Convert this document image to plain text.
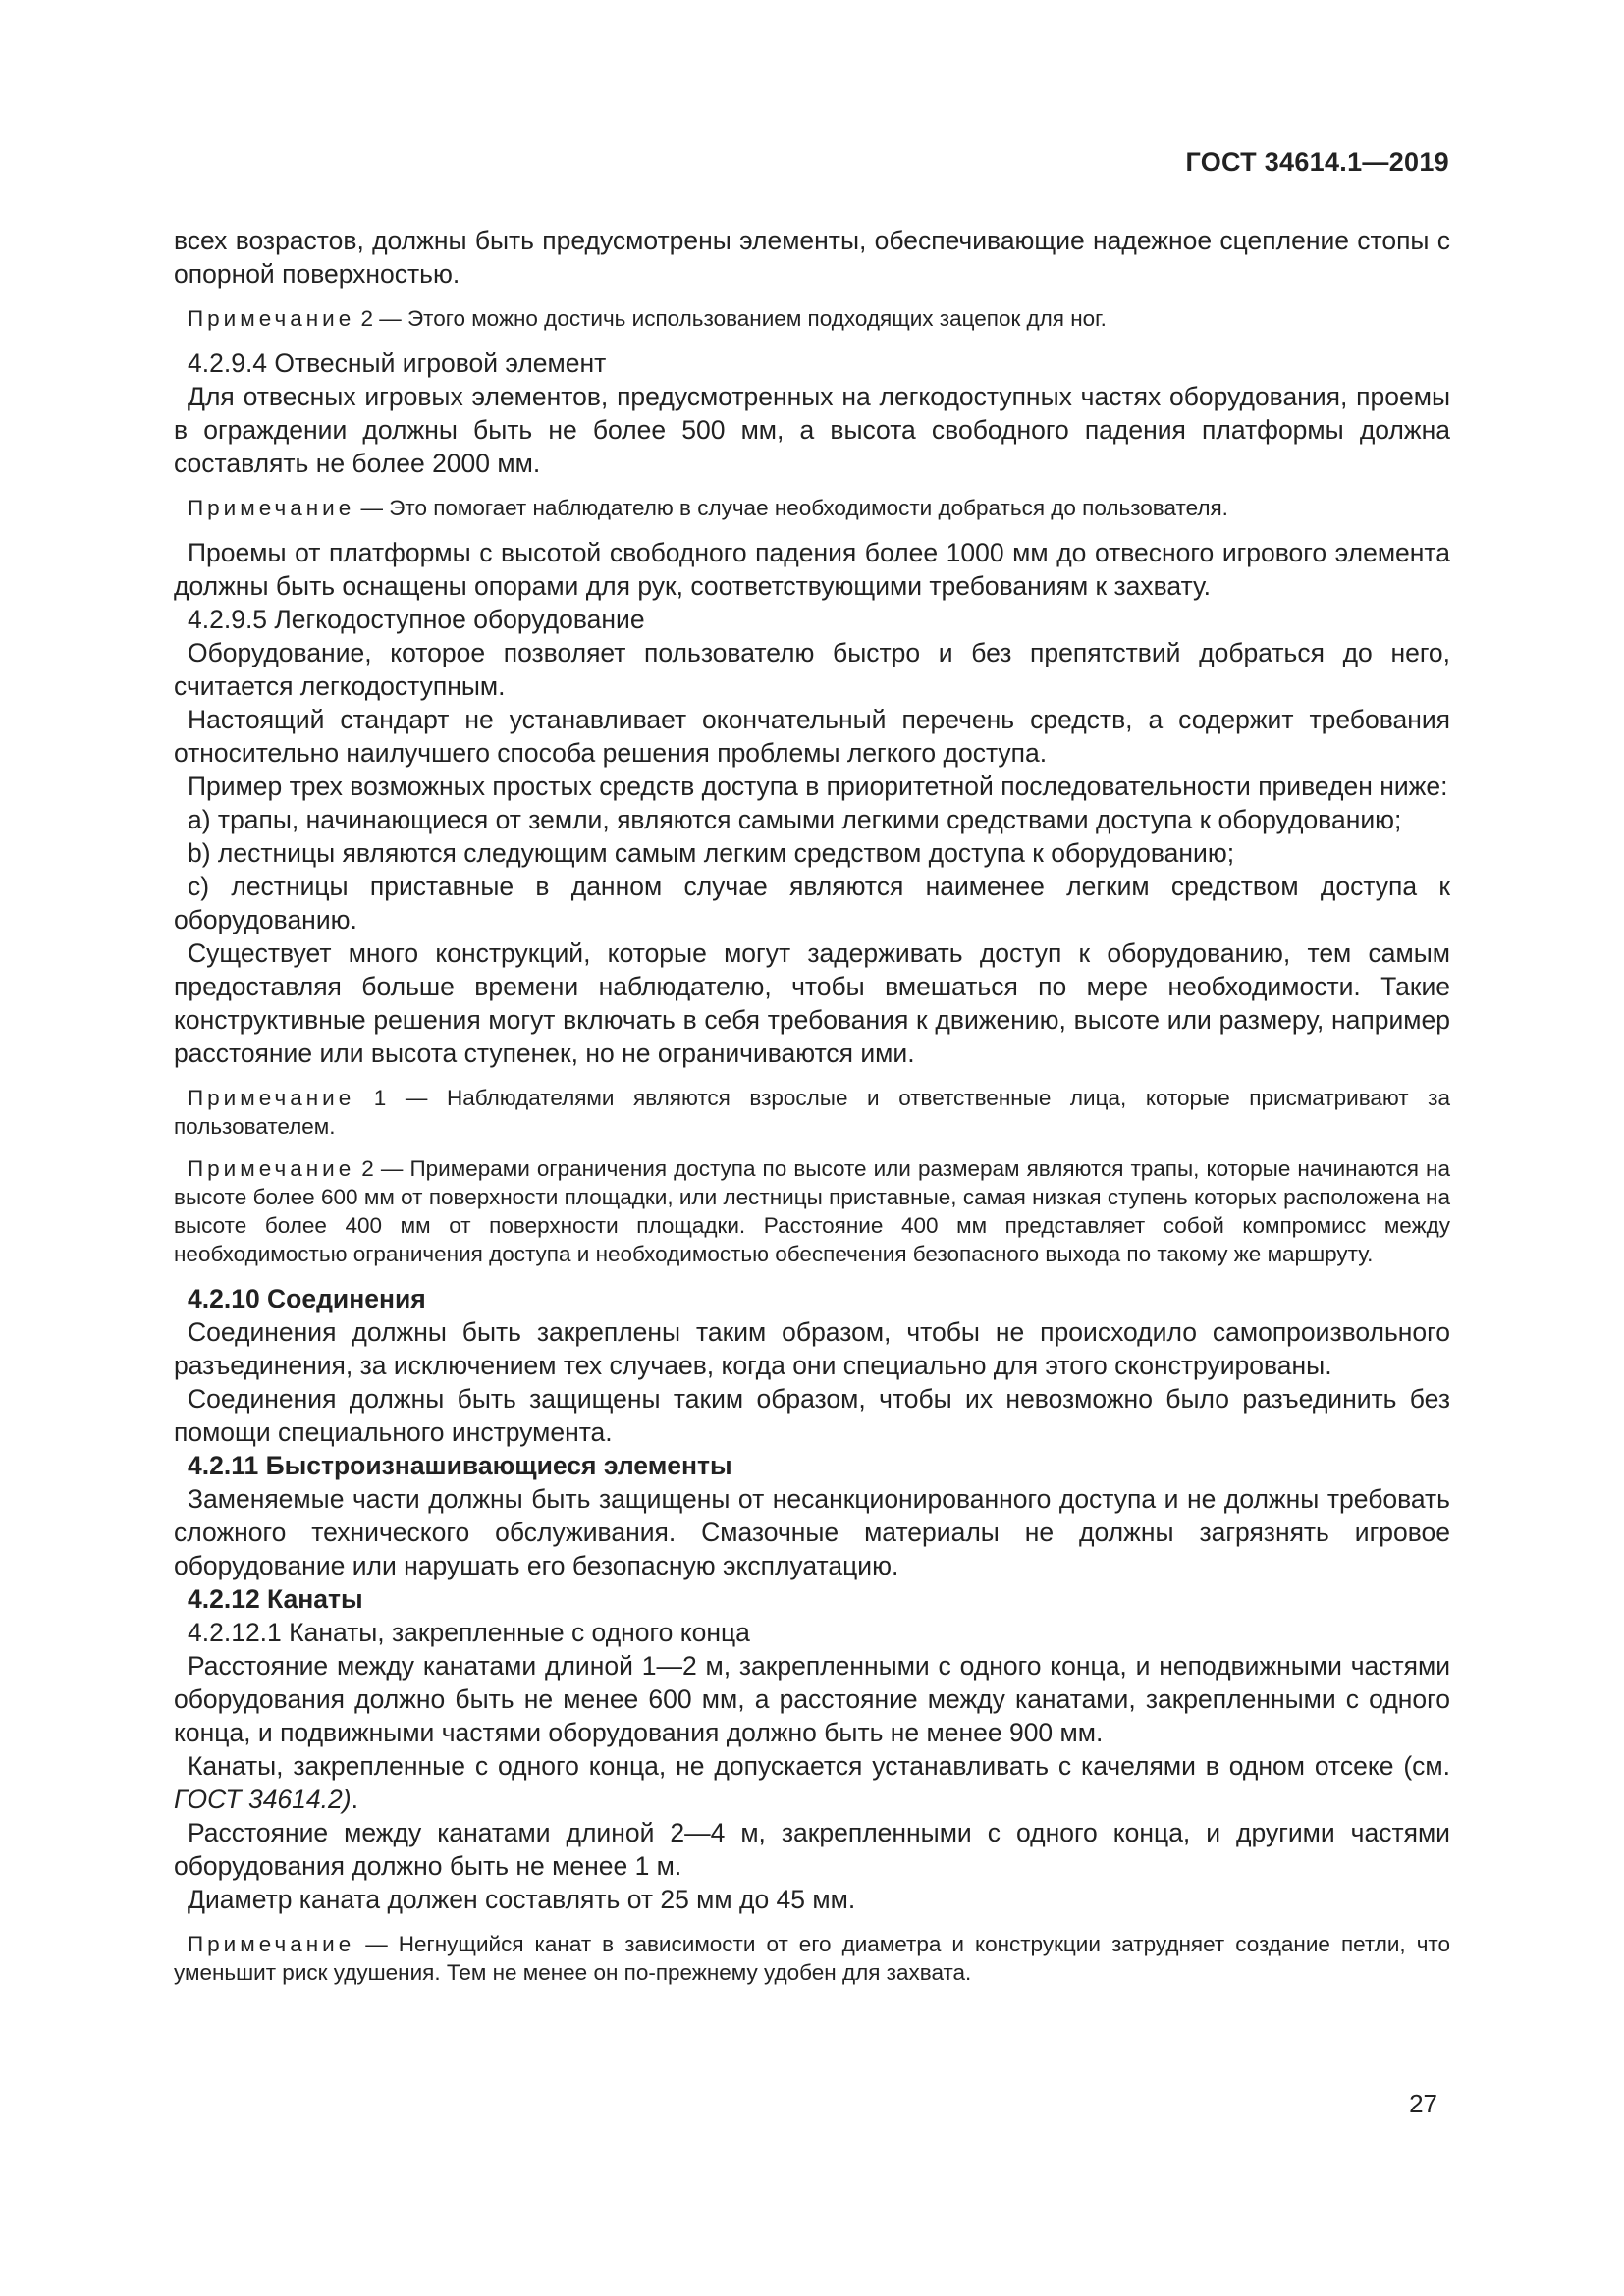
ГОСТ 34614.1—2019

всех возрастов, должны быть предусмотрены элементы, обеспечивающие надежное сцепление стопы с опорной поверхностью.

Примечание 2 — Этого можно достичь использованием подходящих зацепок для ног.

4.2.9.4 Отвесный игровой элемент

Для отвесных игровых элементов, предусмотренных на легкодоступных частях оборудования, проемы в ограждении должны быть не более 500 мм, а высота свободного падения платформы должна составлять не более 2000 мм.

Примечание — Это помогает наблюдателю в случае необходимости добраться до пользователя.

Проемы от платформы с высотой свободного падения более 1000 мм до отвесного игрового элемента должны быть оснащены опорами для рук, соответствующими требованиям к захвату.

4.2.9.5 Легкодоступное оборудование

Оборудование, которое позволяет пользователю быстро и без препятствий добраться до него, считается легкодоступным.

Настоящий стандарт не устанавливает окончательный перечень средств, а содержит требования относительно наилучшего способа решения проблемы легкого доступа.

Пример трех возможных простых средств доступа в приоритетной последовательности приведен ниже:

a) трапы, начинающиеся от земли, являются самыми легкими средствами доступа к оборудованию;

b) лестницы являются следующим самым легким средством доступа к оборудованию;

c) лестницы приставные в данном случае являются наименее легким средством доступа к оборудованию.

Существует много конструкций, которые могут задерживать доступ к оборудованию, тем самым предоставляя больше времени наблюдателю, чтобы вмешаться по мере необходимости. Такие конструктивные решения могут включать в себя требования к движению, высоте или размеру, например расстояние или высота ступенек, но не ограничиваются ими.

Примечание 1 — Наблюдателями являются взрослые и ответственные лица, которые присматривают за пользователем.

Примечание 2 — Примерами ограничения доступа по высоте или размерам являются трапы, которые начинаются на высоте более 600 мм от поверхности площадки, или лестницы приставные, самая низкая ступень которых расположена на высоте более 400 мм от поверхности площадки. Расстояние 400 мм представляет собой компромисс между необходимостью ограничения доступа и необходимостью обеспечения безопасного выхода по такому же маршруту.

4.2.10 Соединения

Соединения должны быть закреплены таким образом, чтобы не происходило самопроизвольного разъединения, за исключением тех случаев, когда они специально для этого сконструированы.

Соединения должны быть защищены таким образом, чтобы их невозможно было разъединить без помощи специального инструмента.

4.2.11 Быстроизнашивающиеся элементы

Заменяемые части должны быть защищены от несанкционированного доступа и не должны требовать сложного технического обслуживания. Смазочные материалы не должны загрязнять игровое оборудование или нарушать его безопасную эксплуатацию.

4.2.12 Канаты

4.2.12.1 Канаты, закрепленные с одного конца

Расстояние между канатами длиной 1—2 м, закрепленными с одного конца, и неподвижными частями оборудования должно быть не менее 600 мм, а расстояние между канатами, закрепленными с одного конца, и подвижными частями оборудования должно быть не менее 900 мм.

Канаты, закрепленные с одного конца, не допускается устанавливать с качелями в одном отсеке (см. ГОСТ 34614.2).

Расстояние между канатами длиной 2—4 м, закрепленными с одного конца, и другими частями оборудования должно быть не менее 1 м.

Диаметр каната должен составлять от 25 мм до 45 мм.

Примечание — Негнущийся канат в зависимости от его диаметра и конструкции затрудняет создание петли, что уменьшит риск удушения. Тем не менее он по-прежнему удобен для захвата.

27
